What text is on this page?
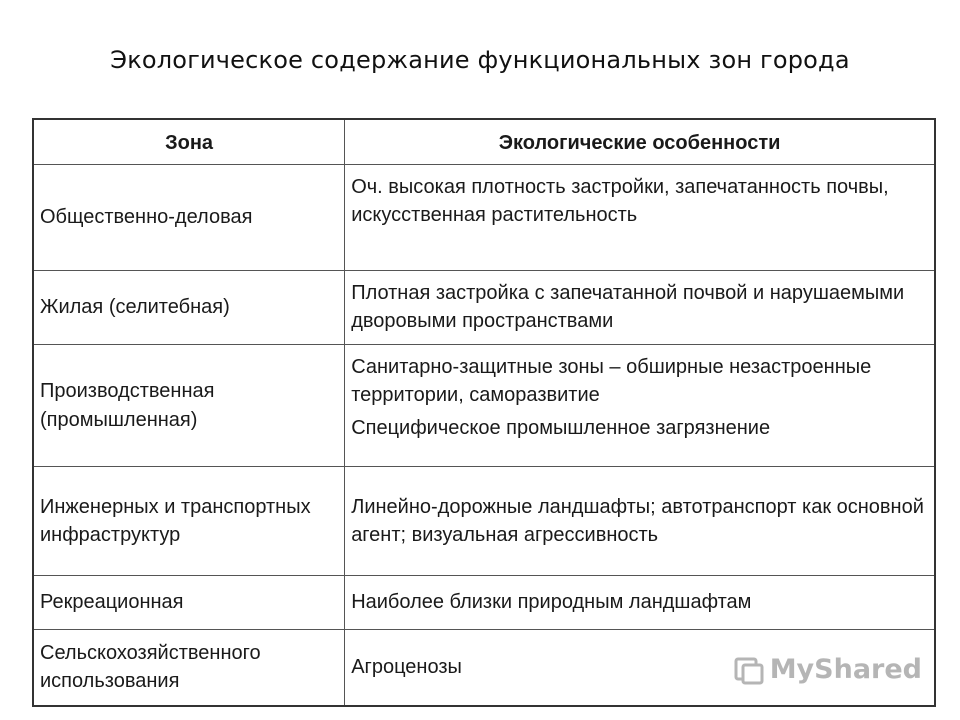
Экологическое содержание функциональных зон города
Зона	Экологические особенности
Общественно-деловая	Оч. высокая плотность застройки, запечатанность почвы, искусственная растительность

Жилая (селитебная)	Плотная застройка с запечатанной почвой и нарушаемыми дворовыми пространствами

Производственная (промышленная)	Санитарно-защитные зоны – обширные незастроенные территории, саморазвитие

Специфическое промышленное загрязнение

Инженерных и транспортных инфраструктур	Линейно-дорожные ландшафты; автотранспорт как основной агент; визуальная агрессивность

Рекреационная	Наиболее близки природным ландшафтам

Сельскохозяйственного использования	Агроценозы	MyShared
